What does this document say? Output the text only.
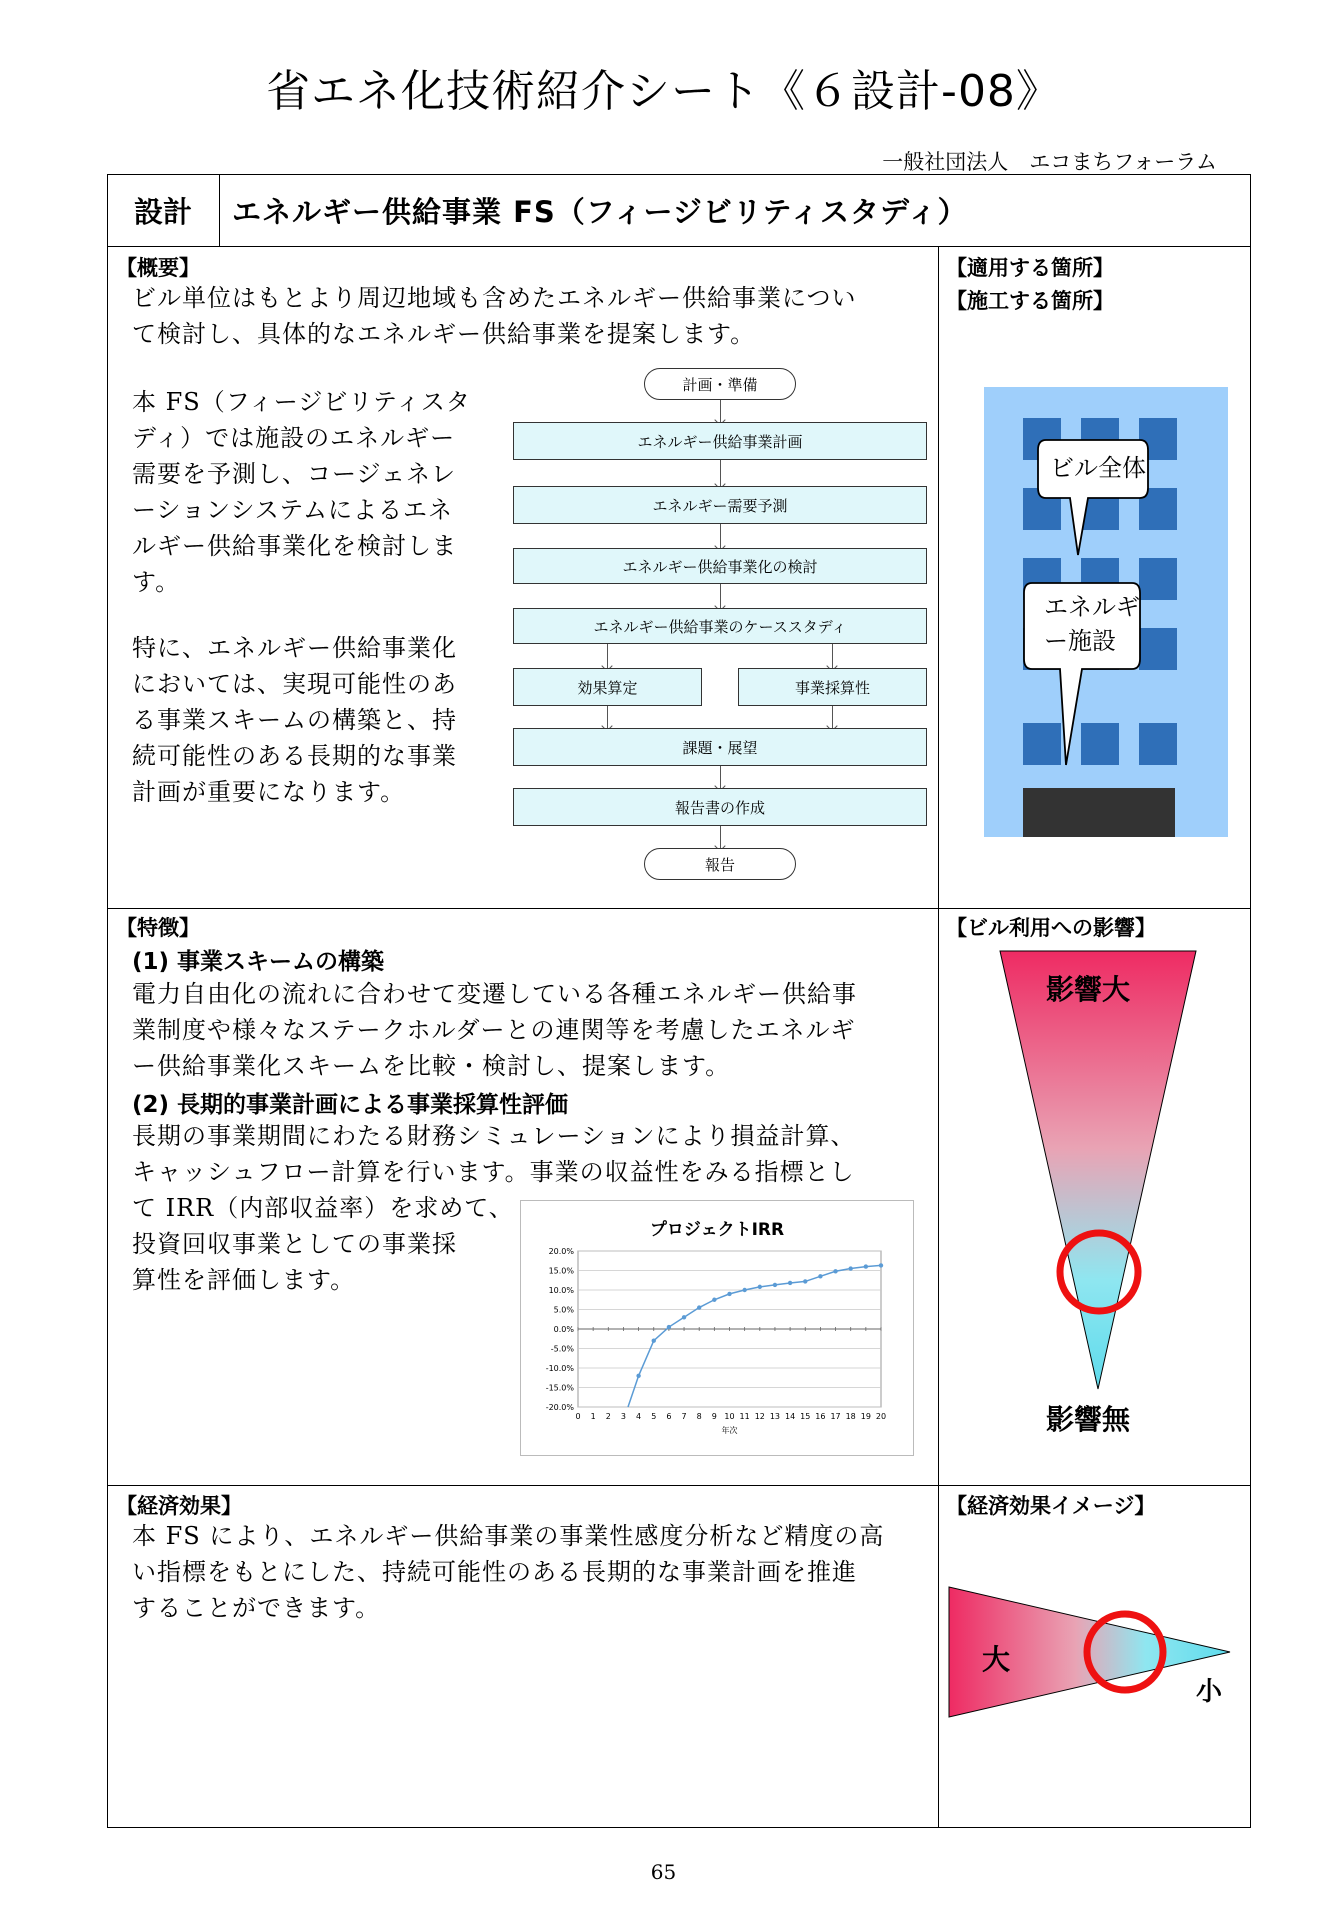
省エネ化技術紹介シート《６設計-08》
一般社団法人　エコまちフォーラム
設計 エネルギー供給事業 FS（フィージビリティスタディ）
【概要】
ビル単位はもとより周辺地域も含めたエネルギー供給事業につい
て検討し、具体的なエネルギー供給事業を提案します。
本 FS（フィージビリティスタ
ディ）では施設のエネルギー
需要を予測し、コージェネレ
ーションシステムによるエネ
ルギー供給事業化を検討しま
す。
特に、エネルギー供給事業化
においては、実現可能性のあ
る事業スキームの構築と、持
続可能性のある長期的な事業
計画が重要になります。
計画・準備
エネルギー供給事業計画
エネルギー需要予測
エネルギー供給事業化の検討
エネルギー供給事業のケーススタディ
効果算定	事業採算性
課題・展望
報告書の作成
報告
【適用する箇所】
【施工する箇所】
ビル全体
エネルギ
ー施設
【特徴】
(1) 事業スキームの構築
電力自由化の流れに合わせて変遷している各種エネルギー供給事
業制度や様々なステークホルダーとの連関等を考慮したエネルギ
ー供給事業化スキームを比較・検討し、提案します。
(2) 長期的事業計画による事業採算性評価
長期の事業期間にわたる財務シミュレーションにより損益計算、
キャッシュフロー計算を行います。事業の収益性をみる指標とし
て IRR（内部収益率）を求めて、
投資回収事業としての事業採
算性を評価します。
プロジェクトIRR
20.0%
15.0%
10.0%
5.0%
0.0%
-5.0%
-10.0%
-15.0%
-20.0%
0 1 2 3 4 5 6 7 8 9 10 11 12 13 14 15 16 17 18 19 20
年次
【ビル利用への影響】
影響大
影響無
【経済効果】
本 FS により、エネルギー供給事業の事業性感度分析など精度の高
い指標をもとにした、持続可能性のある長期的な事業計画を推進
することができます。
【経済効果イメージ】
大
小
65
